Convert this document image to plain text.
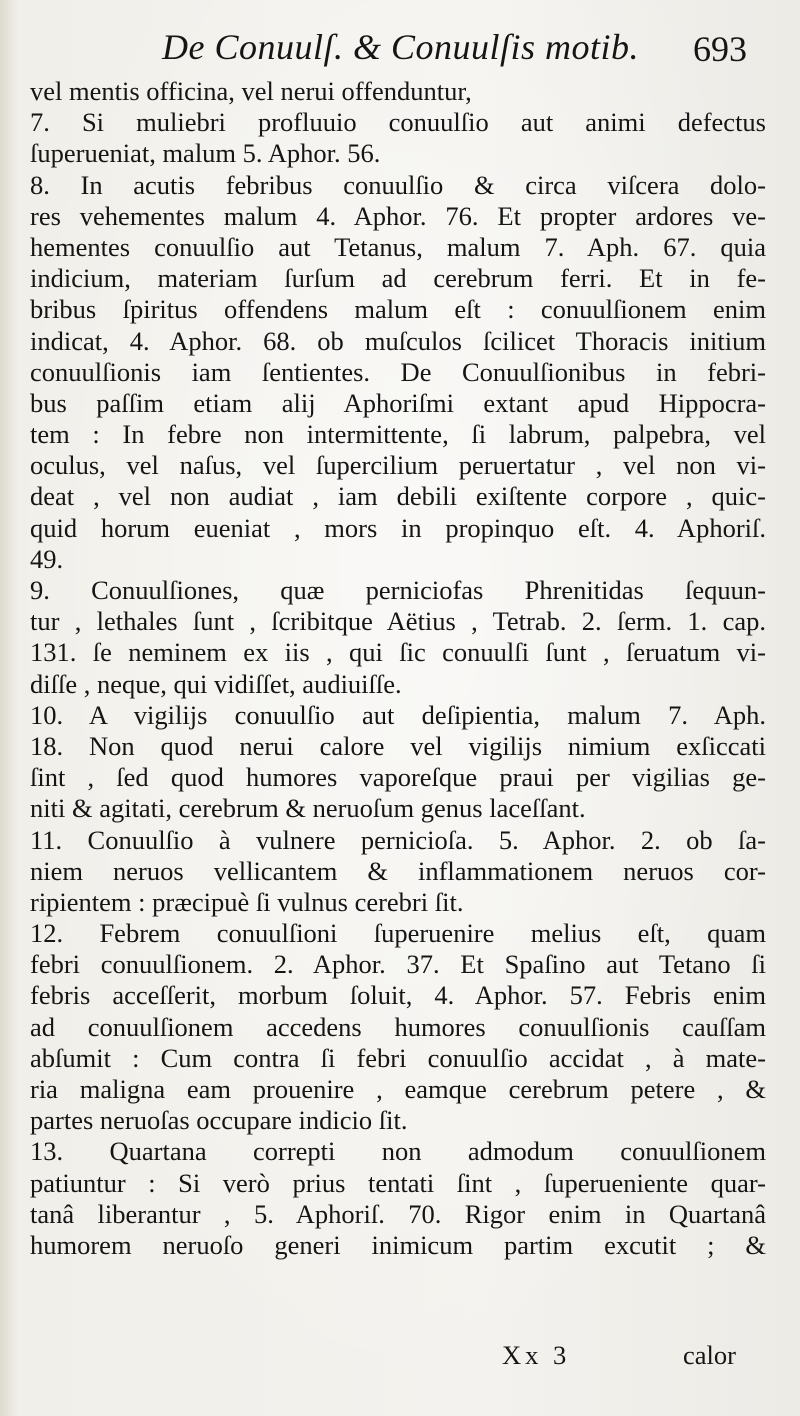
De Conuulſ. & Conuulſis motib. 693
vel mentis officina, vel nerui offenduntur,
7. Si muliebri profluuio conuulſio aut animi defectus
ſuperueniat, malum 5. Aphor. 56.
8. In acutis febribus conuulſio & circa viſcera dolo-
res vehementes malum 4. Aphor. 76. Et propter ardores ve-
hementes conuulſio aut Tetanus, malum 7. Aph. 67. quia
indicium, materiam ſurſum ad cerebrum ferri. Et in fe-
bribus ſpiritus offendens malum eſt : conuulſionem enim
indicat, 4. Aphor. 68. ob muſculos ſcilicet Thoracis initium
conuulſionis iam ſentientes. De Conuulſionibus in febri-
bus paſſim etiam alij Aphoriſmi extant apud Hippocra-
tem : In febre non intermittente, ſi labrum, palpebra, vel
oculus, vel naſus, vel ſupercilium peruertatur , vel non vi-
deat , vel non audiat , iam debili exiſtente corpore , quic-
quid horum eueniat , mors in propinquo eſt. 4. Aphoriſ.
49.
9. Conuulſiones, quæ perniciofas Phrenitidas ſequun-
tur , lethales ſunt , ſcribitque Aëtius , Tetrab. 2. ſerm. 1. cap.
131. ſe neminem ex iis , qui ſic conuulſi ſunt , ſeruatum vi-
diſſe , neque, qui vidiſſet, audiuiſſe.
10. A vigilijs conuulſio aut deſipientia, malum 7. Aph.
18. Non quod nerui calore vel vigilijs nimium exſiccati
ſint , ſed quod humores vaporeſque praui per vigilias ge-
niti & agitati, cerebrum & neruoſum genus laceſſant.
11. Conuulſio à vulnere pernicioſa. 5. Aphor. 2. ob ſa-
niem neruos vellicantem & inflammationem neruos cor-
ripientem : præcipuè ſi vulnus cerebri ſit.
12. Febrem conuulſioni ſuperuenire melius eſt, quam
febri conuulſionem. 2. Aphor. 37. Et Spaſino aut Tetano ſi
febris acceſſerit, morbum ſoluit, 4. Aphor. 57. Febris enim
ad conuulſionem accedens humores conuulſionis cauſſam
abſumit : Cum contra ſi febri conuulſio accidat , à mate-
ria maligna eam prouenire , eamque cerebrum petere , &
partes neruoſas occupare indicio ſit.
13. Quartana correpti non admodum conuulſionem
patiuntur : Si verò prius tentati ſint , ſuperueniente quar-
tanâ liberantur , 5. Aphoriſ. 70. Rigor enim in Quartanâ
humorem neruoſo generi inimicum partim excutit ; &
Xx 3	calor
